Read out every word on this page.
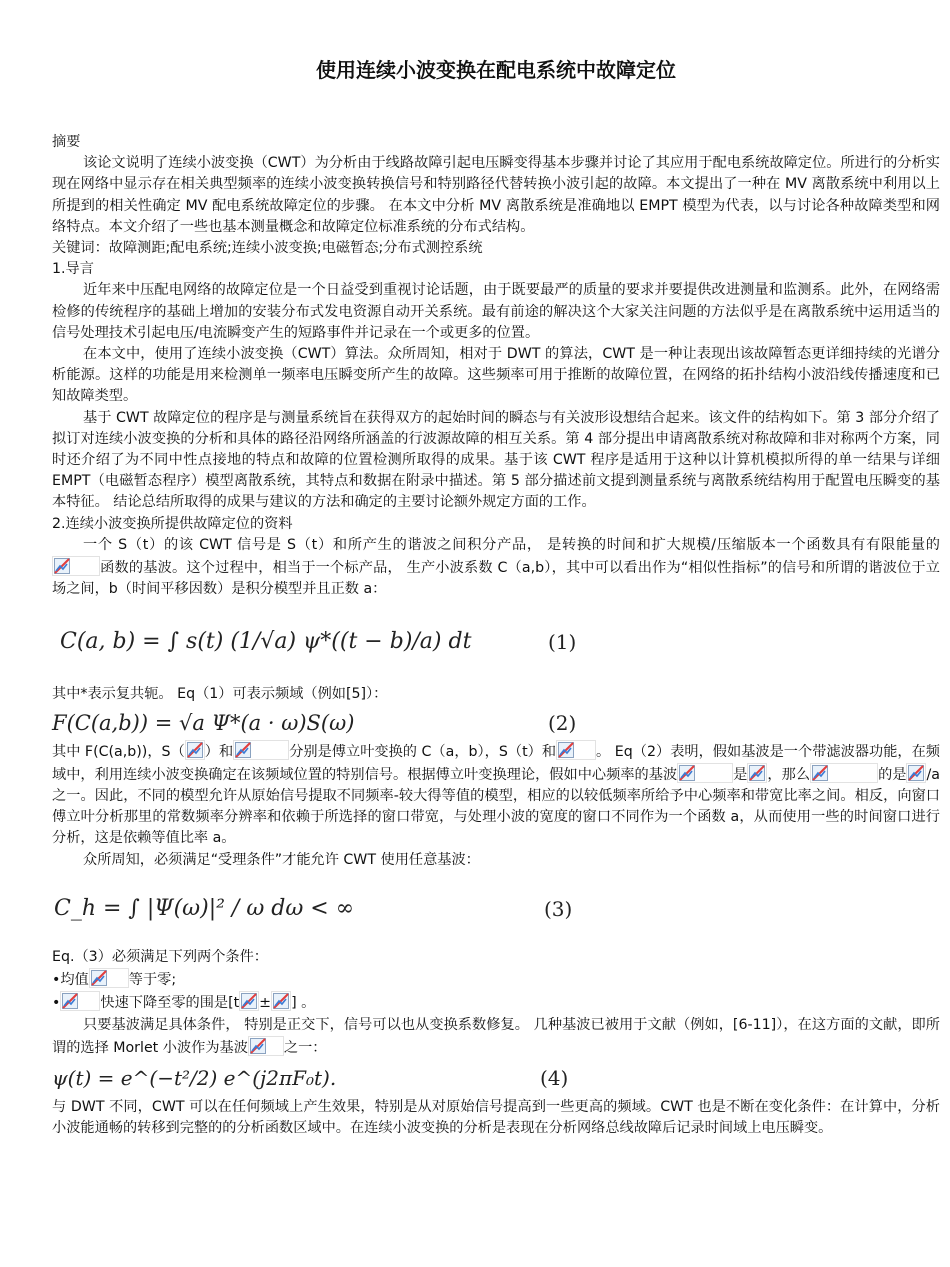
使用连续小波变换在配电系统中故障定位

摘要

该论文说明了连续小波变换（CWT）为分析由于线路故障引起电压瞬变得基本步骤并讨论了其应用于配电系统故障定位。所进行的分析实现在网络中显示存在相关典型频率的连续小波变换转换信号和特别路径代替转换小波引起的故障。本文提出了一种在 MV 离散系统中利用以上所提到的相关性确定 MV 配电系统故障定位的步骤。 在本文中分析 MV 离散系统是准确地以 EMPT 模型为代表，以与讨论各种故障类型和网络特点。本文介绍了一些也基本测量概念和故障定位标准系统的分布式结构。

关键词：故障测距;配电系统;连续小波变换;电磁暂态;分布式测控系统

1.导言

近年来中压配电网络的故障定位是一个日益受到重视讨论话题，由于既要最严的质量的要求并要提供改进测量和监测系。此外，在网络需检修的传统程序的基础上增加的安装分布式发电资源自动开关系统。最有前途的解决这个大家关注问题的方法似乎是在离散系统中运用适当的信号处理技术引起电压/电流瞬变产生的短路事件并记录在一个或更多的位置。

在本文中，使用了连续小波变换（CWT）算法。众所周知，相对于 DWT 的算法，CWT 是一种让表现出该故障暂态更详细持续的光谱分析能源。这样的功能是用来检测单一频率电压瞬变所产生的故障。这些频率可用于推断的故障位置，在网络的拓扑结构小波沿线传播速度和已知故障类型。

基于 CWT 故障定位的程序是与测量系统旨在获得双方的起始时间的瞬态与有关波形设想结合起来。该文件的结构如下。第 3 部分介绍了拟订对连续小波变换的分析和具体的路径沿网络所涵盖的行波源故障的相互关系。第 4 部分提出申请离散系统对称故障和非对称两个方案，同时还介绍了为不同中性点接地的特点和故障的位置检测所取得的成果。基于该 CWT 程序是适用于这种以计算机模拟所得的单一结果与详细 EMPT（电磁暂态程序）模型离散系统，其特点和数据在附录中描述。第 5 部分描述前文提到测量系统与离散系统结构用于配置电压瞬变的基本特征。 结论总结所取得的成果与建议的方法和确定的主要讨论额外规定方面的工作。

2.连续小波变换所提供故障定位的资料

一个 S（t）的该 CWT 信号是 S（t）和所产生的谐波之间积分产品， 是转换的时间和扩大规模/压缩版本一个函数具有有限能量的
函数的基波。这个过程中，相当于一个标产品， 生产小波系数 C（a,b），其中可以看出作为“相似性指标”的信号和所谓的谐波位于立场之间，b（时间平移因数）是积分模型并且正数 a：

C(a, b) = ∫ s(t) (1/√a) ψ*((t − b)/a) dt	(1)

其中*表示复共轭。 Eq（1）可表示频域（例如[5]）：

F(C(a,b)) = √a Ψ*(a · ω)S(ω)	(2)

其中 F(C(a,b))，S（ ）和	分别是傅立叶变换的 C（a，b），S（t）和	。 Eq（2）表明，假如基波是一个带滤波器功能，在频域中，利用连续小波变换确定在该频域位置的特别信号。根据傅立叶变换理论，假如中心频率的基波	是 ，那么	的是 /a 之一。因此，不同的模型允许从原始信号提取不同频率-较大得等值的模型，相应的以较低频率所给予中心频率和带宽比率之间。相反，向窗口傅立叶分析那里的常数频率分辨率和依赖于所选择的窗口带宽，与处理小波的宽度的窗口不同作为一个函数 a，从而使用一些的时间窗口进行分析，这是依赖等值比率 a。

众所周知，必须满足“受理条件”才能允许 CWT 使用任意基波：

C_h = ∫ |Ψ(ω)|² / ω dω < ∞	(3)

Eq.（3）必须满足下列两个条件：

•均值	等于零;

•	快速下降至零的围是[t ± ] 。

只要基波满足具体条件， 特别是正交下，信号可以也从变换系数修复。 几种基波已被用于文献（例如，[6-11]），在这方面的文献，即所谓的选择 Morlet 小波作为基波	之一：

ψ(t) = e^(−t²/2) e^(j2πF₀t).	(4)

与 DWT 不同，CWT 可以在任何频域上产生效果，特别是从对原始信号提高到一些更高的频域。CWT 也是不断在变化条件：在计算中，分析小波能通畅的转移到完整的的分析函数区域中。在连续小波变换的分析是表现在分析网络总线故障后记录时间域上电压瞬变。
